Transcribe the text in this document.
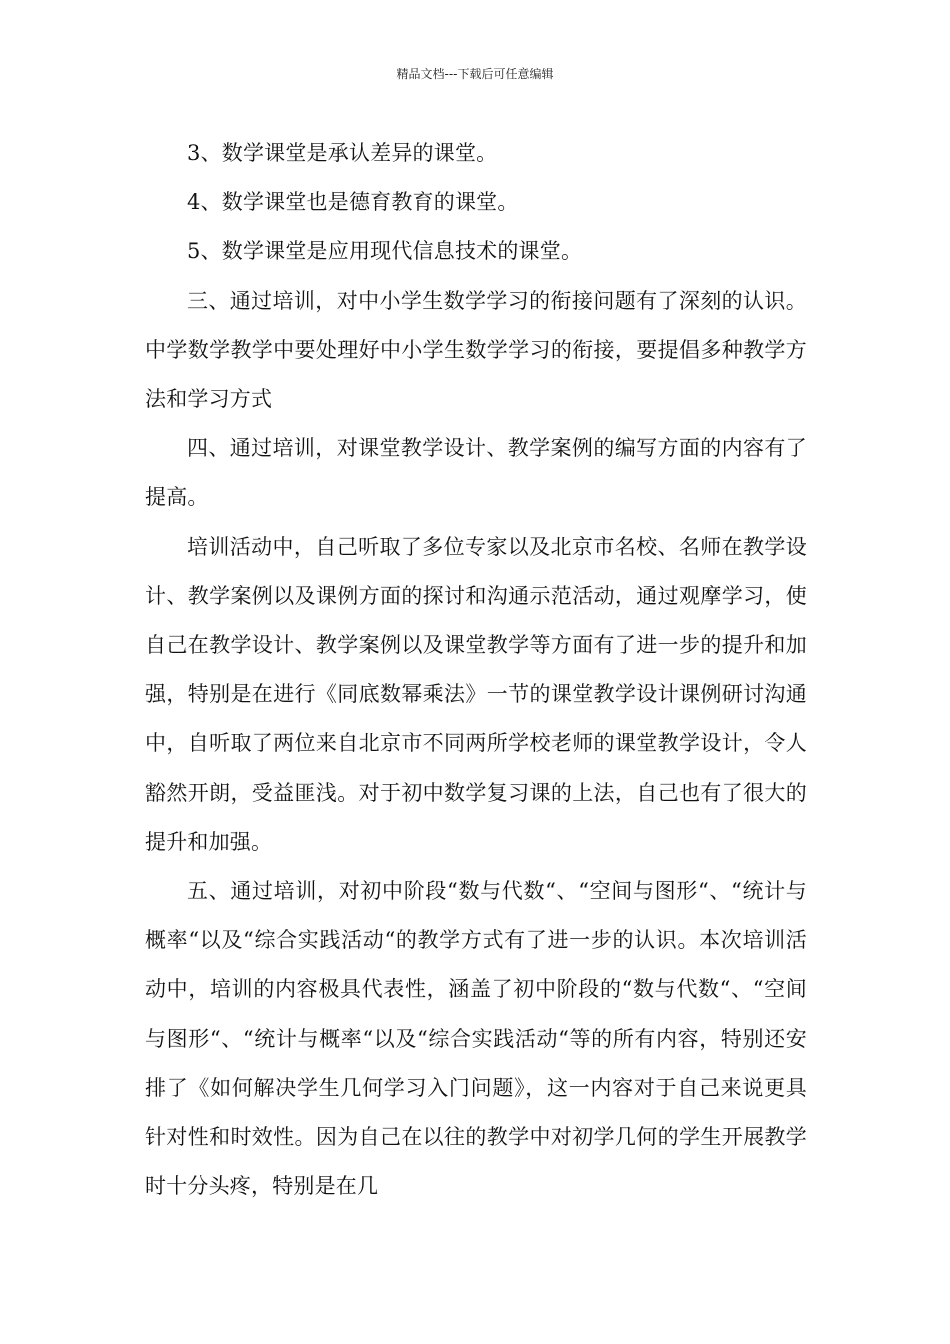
精品文档---下载后可任意编辑

3、数学课堂是承认差异的课堂。

4、数学课堂也是德育教育的课堂。

5、数学课堂是应用现代信息技术的课堂。

三、通过培训，对中小学生数学学习的衔接问题有了深刻的认识。中学数学教学中要处理好中小学生数学学习的衔接，要提倡多种教学方法和学习方式

四、通过培训，对课堂教学设计、教学案例的编写方面的内容有了提高。

培训活动中，自己听取了多位专家以及北京市名校、名师在教学设计、教学案例以及课例方面的探讨和沟通示范活动，通过观摩学习，使自己在教学设计、教学案例以及课堂教学等方面有了进一步的提升和加强，特别是在进行《同底数幂乘法》一节的课堂教学设计课例研讨沟通中，自听取了两位来自北京市不同两所学校老师的课堂教学设计，令人豁然开朗，受益匪浅。对于初中数学复习课的上法，自己也有了很大的提升和加强。

五、通过培训，对初中阶段“数与代数“、“空间与图形“、“统计与概率“以及“综合实践活动“的教学方式有了进一步的认识。本次培训活动中，培训的内容极具代表性，涵盖了初中阶段的“数与代数“、“空间与图形“、“统计与概率“以及“综合实践活动“等的所有内容，特别还安排了《如何解决学生几何学习入门问题》，这一内容对于自己来说更具针对性和时效性。因为自己在以往的教学中对初学几何的学生开展教学时十分头疼，特别是在几
